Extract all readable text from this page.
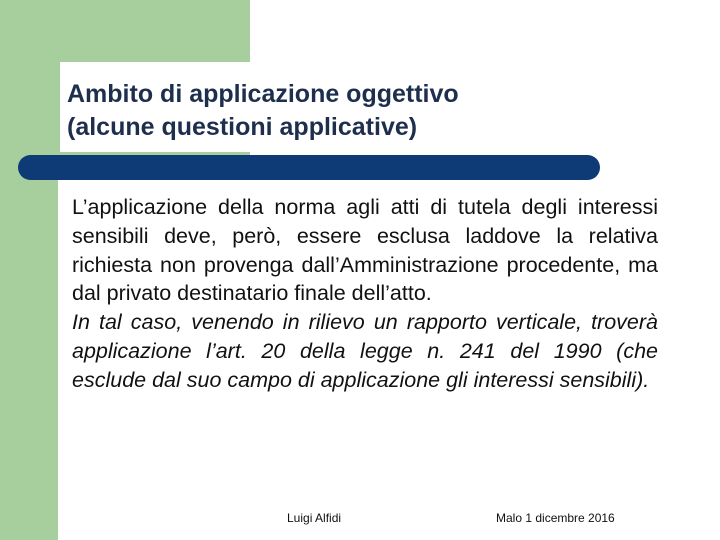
Ambito di applicazione oggettivo
(alcune questioni applicative)

L’applicazione della norma agli atti di tutela degli interessi sensibili deve, però, essere esclusa laddove la relativa richiesta non provenga dall’Amministrazione procedente, ma dal privato destinatario finale dell’atto.

In tal caso, venendo in rilievo un rapporto verticale, troverà applicazione l’art. 20 della legge n. 241 del 1990 (che esclude dal suo campo di applicazione gli interessi sensibili).

Luigi Alfidi	Malo 1 dicembre 2016
